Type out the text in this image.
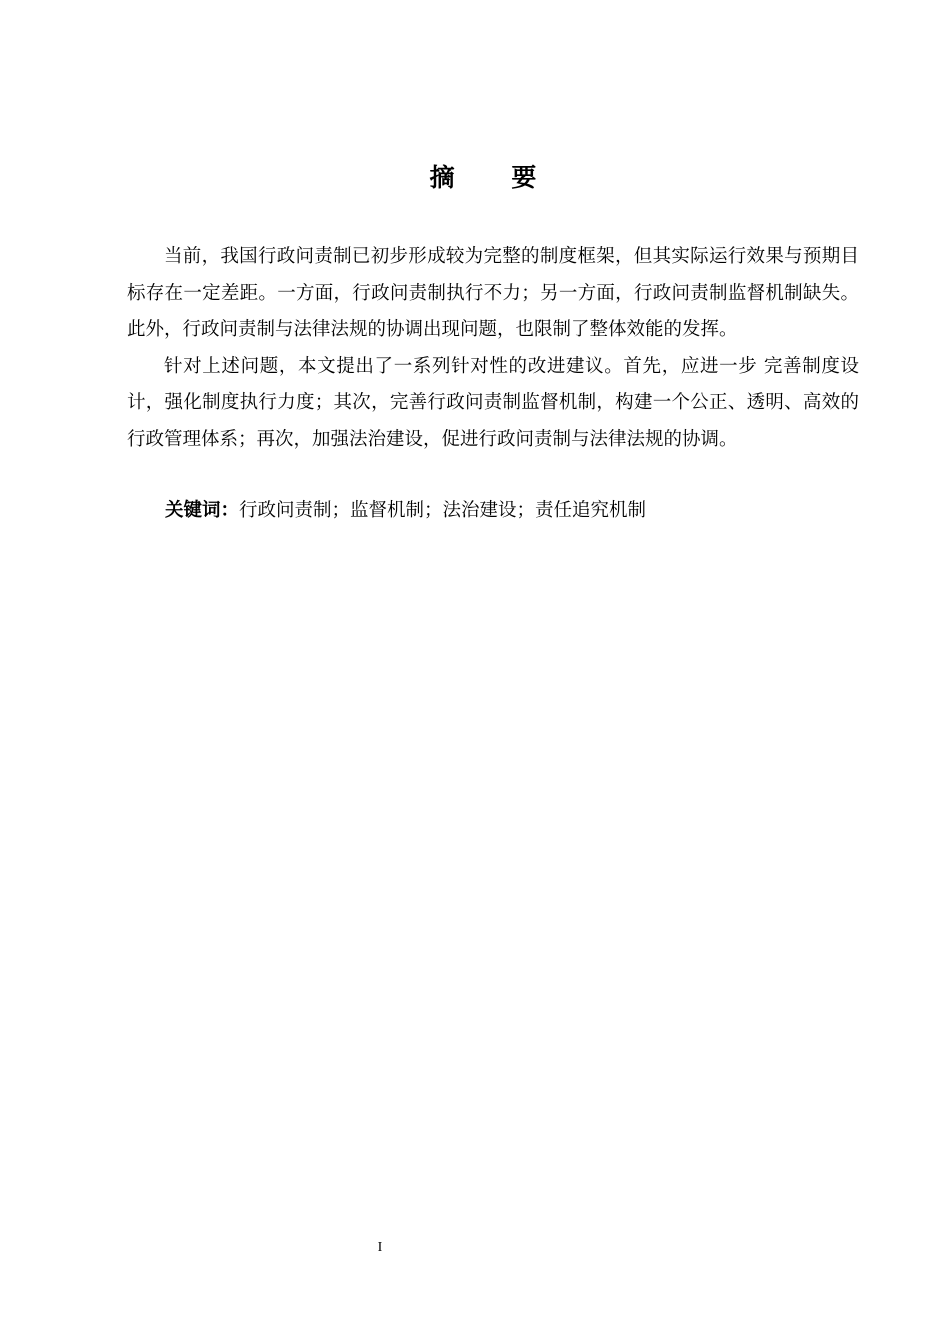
摘 要

当前，我国行政问责制已初步形成较为完整的制度框架，但其实际运行效果与预期目标存在一定差距。一方面，行政问责制执行不力；另一方面，行政问责制监督机制缺失。此外，行政问责制与法律法规的协调出现问题，也限制了整体效能的发挥。

针对上述问题，本文提出了一系列针对性的改进建议。首先，应进一步 完善制度设计，强化制度执行力度；其次，完善行政问责制监督机制，构建一个公正、透明、高效的行政管理体系；再次，加强法治建设，促进行政问责制与法律法规的协调。

关键词：行政问责制；监督机制；法治建设；责任追究机制
I
